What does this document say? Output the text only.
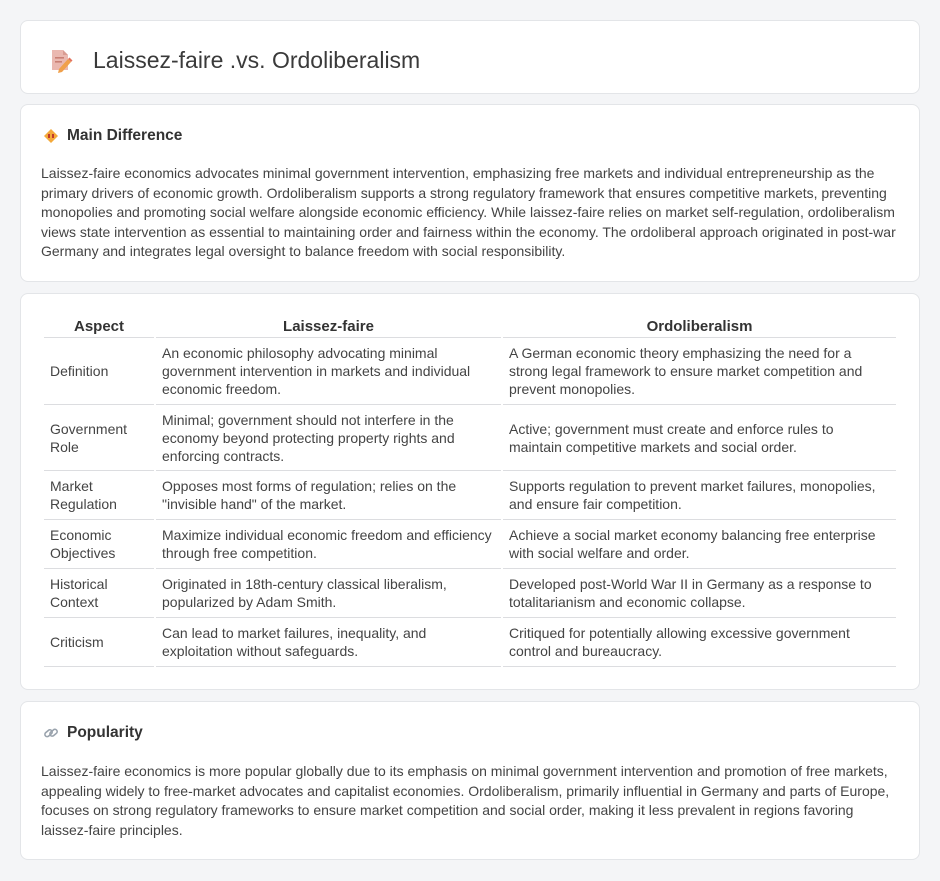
Laissez-faire .vs. Ordoliberalism
Main Difference

Laissez-faire economics advocates minimal government intervention, emphasizing free markets and individual entrepreneurship as the primary drivers of economic growth. Ordoliberalism supports a strong regulatory framework that ensures competitive markets, preventing monopolies and promoting social welfare alongside economic efficiency. While laissez-faire relies on market self-regulation, ordoliberalism views state intervention as essential to maintaining order and fairness within the economy. The ordoliberal approach originated in post-war Germany and integrates legal oversight to balance freedom with social responsibility.

Aspect	Laissez-faire	Ordoliberalism
Definition	An economic philosophy advocating minimal government intervention in markets and individual economic freedom.	A German economic theory emphasizing the need for a strong legal framework to ensure market competition and prevent monopolies.
Government Role	Minimal; government should not interfere in the economy beyond protecting property rights and enforcing contracts.	Active; government must create and enforce rules to maintain competitive markets and social order.
Market Regulation	Opposes most forms of regulation; relies on the "invisible hand" of the market.	Supports regulation to prevent market failures, monopolies, and ensure fair competition.
Economic Objectives	Maximize individual economic freedom and efficiency through free competition.	Achieve a social market economy balancing free enterprise with social welfare and order.
Historical Context	Originated in 18th-century classical liberalism, popularized by Adam Smith.	Developed post-World War II in Germany as a response to totalitarianism and economic collapse.
Criticism	Can lead to market failures, inequality, and exploitation without safeguards.	Critiqued for potentially allowing excessive government control and bureaucracy.
Popularity

Laissez-faire economics is more popular globally due to its emphasis on minimal government intervention and promotion of free markets, appealing widely to free-market advocates and capitalist economies. Ordoliberalism, primarily influential in Germany and parts of Europe, focuses on strong regulatory frameworks to ensure market competition and social order, making it less prevalent in regions favoring laissez-faire principles.
